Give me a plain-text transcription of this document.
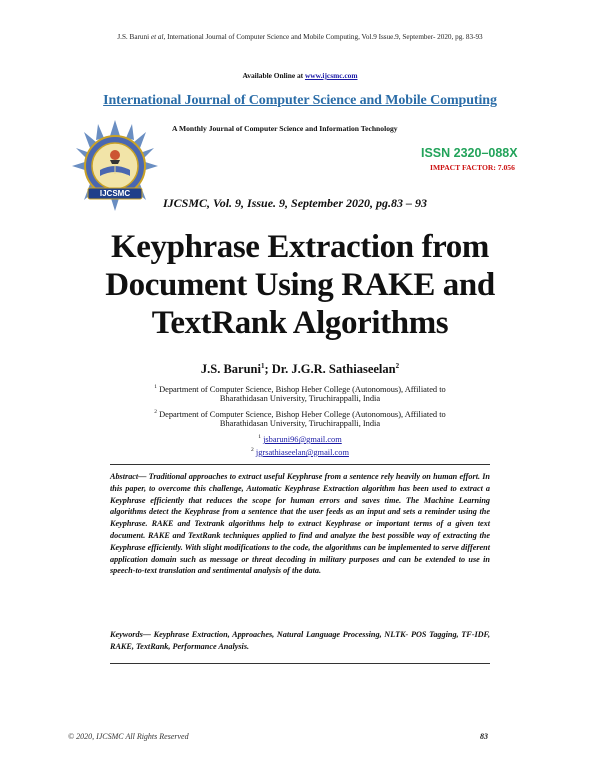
J.S. Baruni et al, International Journal of Computer Science and Mobile Computing, Vol.9 Issue.9, September- 2020, pg. 83-93
Available Online at www.ijcsmc.com
International Journal of Computer Science and Mobile Computing
IJCSMC
A Monthly Journal of Computer Science and Information Technology
ISSN 2320–088X
IMPACT FACTOR: 7.056
IJCSMC, Vol. 9, Issue. 9, September 2020, pg.83 – 93
Keyphrase Extraction from
Document Using RAKE and
TextRank Algorithms
J.S. Baruni$^1$; Dr. J.G.R. Sathiaseelan$^2$
$^1$ Department of Computer Science, Bishop Heber College (Autonomous), Affiliated to
Bharathidasan University, Tiruchirappalli, India
$^2$ Department of Computer Science, Bishop Heber College (Autonomous), Affiliated to
Bharathidasan University, Tiruchirappalli, India
$^1$ jsbaruni96@gmail.com
$^2$ jgrsathiaseelan@gmail.com
Abstract— Traditional approaches to extract useful Keyphrase from a sentence rely heavily on human effort. In this paper, to overcome this challenge, Automatic Keyphrase Extraction algorithm has been used to extract a Keyphrase efficiently that reduces the scope for human errors and saves time. The Machine Learning algorithms detect the Keyphrase from a sentence that the user feeds as an input and sets a reminder using the Keyphrase. RAKE and Textrank algorithms help to extract Keyphrase or important terms of a given text document. RAKE and TextRank techniques applied to find and analyze the best possible way of extracting the Keyphrase efficiently. With slight modifications to the code, the algorithms can be implemented to serve different application domain such as message or threat decoding in military purposes and can be extended to use in speech-to-text translation and sentimental analysis of the data.
Keywords— Keyphrase Extraction, Approaches, Natural Language Processing, NLTK- POS Tagging, TF-IDF, RAKE, TextRank, Performance Analysis.
© 2020, IJCSMC All Rights Reserved	83
